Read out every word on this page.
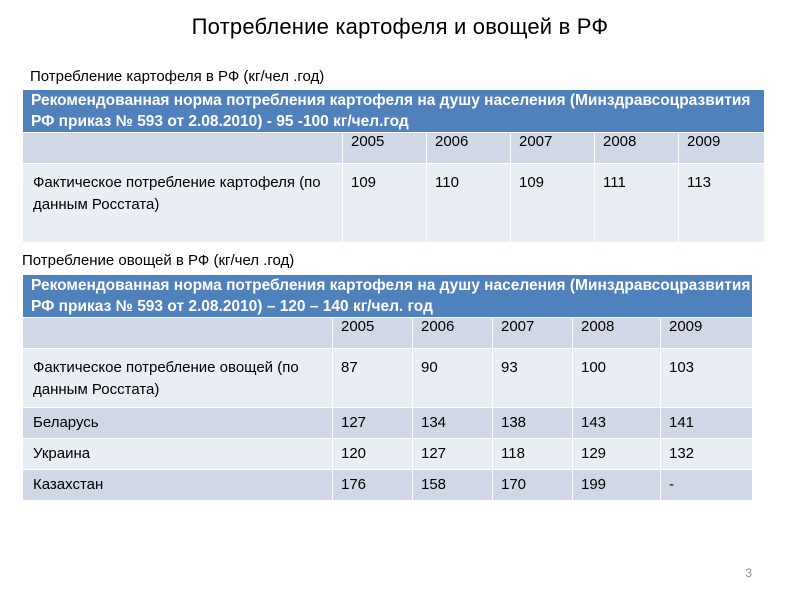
Потребление картофеля и овощей в РФ
Потребление картофеля в РФ (кг/чел .год)
Рекомендованная норма потребления картофеля на душу населения (Минздравсоцразвития РФ приказ № 593 от 2.08.2010) - 95 -100 кг/чел.год					
	2005	2006	2007	2008	2009
Фактическое потребление картофеля (по данным Росстата)	109	110	109	111	113
Потребление овощей в РФ (кг/чел .год)
Рекомендованная норма потребления картофеля на душу населения (Минздравсоцразвития РФ приказ № 593 от 2.08.2010) – 120 – 140 кг/чел. год					
	2005	2006	2007	2008	2009
Фактическое потребление овощей (по данным Росстата)	87	90	93	100	103
Беларусь	127	134	138	143	141
Украина	120	127	118	129	132
Казахстан	176	158	170	199	-
3
